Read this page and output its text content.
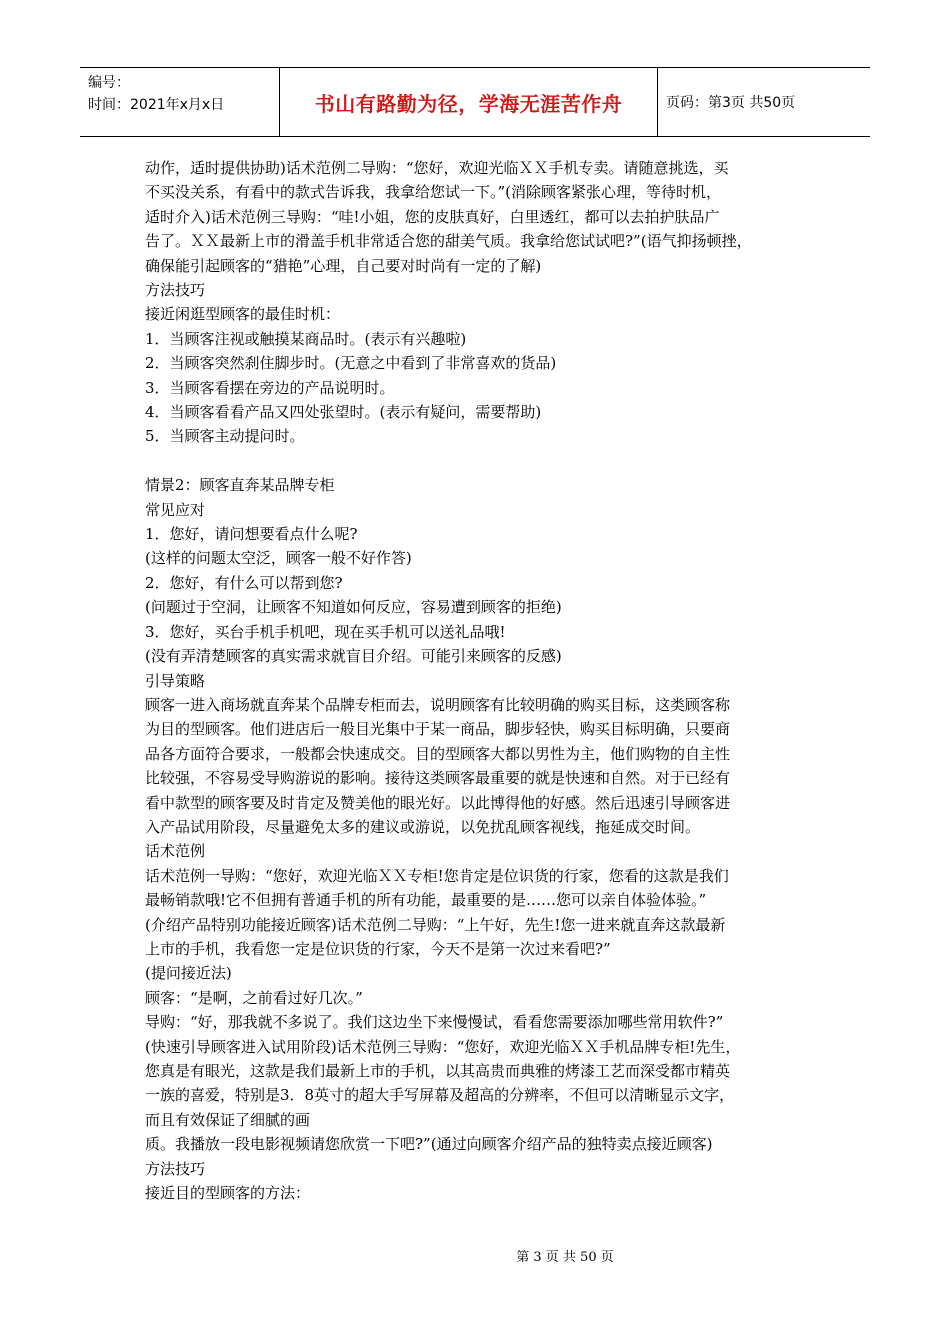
编号：
时间：2021年x月x日	书山有路勤为径，学海无涯苦作舟	页码：第3页 共50页

动作，适时提供协助)话术范例二导购：“您好，欢迎光临ＸＸ手机专卖。请随意挑选，买

不买没关系，有看中的款式告诉我，我拿给您试一下。”(消除顾客紧张心理，等待时机，

适时介入)话术范例三导购：“哇!小姐，您的皮肤真好，白里透红，都可以去拍护肤品广

告了。ＸＸ最新上市的滑盖手机非常适合您的甜美气质。我拿给您试试吧?”(语气抑扬顿挫，

确保能引起顾客的“猎艳”心理，自己要对时尚有一定的了解)

方法技巧

接近闲逛型顾客的最佳时机：

1．当顾客注视或触摸某商品时。(表示有兴趣啦)

2．当顾客突然刹住脚步时。(无意之中看到了非常喜欢的货品)

3．当顾客看摆在旁边的产品说明时。

4．当顾客看看产品又四处张望时。(表示有疑问，需要帮助)

5．当顾客主动提问时。

情景2：顾客直奔某品牌专柜

常见应对

1．您好，请问想要看点什么呢?

(这样的问题太空泛，顾客一般不好作答)

2．您好，有什么可以帮到您?

(问题过于空洞，让顾客不知道如何反应，容易遭到顾客的拒绝)

3．您好，买台手机手机吧，现在买手机可以送礼品哦!

(没有弄清楚顾客的真实需求就盲目介绍。可能引来顾客的反感)

引导策略

顾客一进入商场就直奔某个品牌专柜而去，说明顾客有比较明确的购买目标，这类顾客称

为目的型顾客。他们进店后一般目光集中于某一商品，脚步轻快，购买目标明确，只要商

品各方面符合要求，一般都会快速成交。目的型顾客大都以男性为主，他们购物的自主性

比较强，不容易受导购游说的影响。接待这类顾客最重要的就是快速和自然。对于已经有

看中款型的顾客要及时肯定及赞美他的眼光好。以此博得他的好感。然后迅速引导顾客进

入产品试用阶段，尽量避免太多的建议或游说，以免扰乱顾客视线，拖延成交时间。

话术范例

话术范例一导购：“您好，欢迎光临ＸＸ专柜!您肯定是位识货的行家，您看的这款是我们

最畅销款哦!它不但拥有普通手机的所有功能，最重要的是……您可以亲自体验体验。”

(介绍产品特别功能接近顾客)话术范例二导购：“上午好，先生!您一进来就直奔这款最新

上市的手机，我看您一定是位识货的行家，今天不是第一次过来看吧?”

(提问接近法)

顾客：“是啊，之前看过好几次。”

导购：“好，那我就不多说了。我们这边坐下来慢慢试，看看您需要添加哪些常用软件?”

(快速引导顾客进入试用阶段)话术范例三导购：“您好，欢迎光临ＸＸ手机品牌专柜!先生，

您真是有眼光，这款是我们最新上市的手机，以其高贵而典雅的烤漆工艺而深受都市精英

一族的喜爱，特别是3．8英寸的超大手写屏幕及超高的分辨率，不但可以清晰显示文字，

而且有效保证了细腻的画

质。我播放一段电影视频请您欣赏一下吧?”(通过向顾客介绍产品的独特卖点接近顾客)

方法技巧

接近目的型顾客的方法：

第 3 页 共 50 页
